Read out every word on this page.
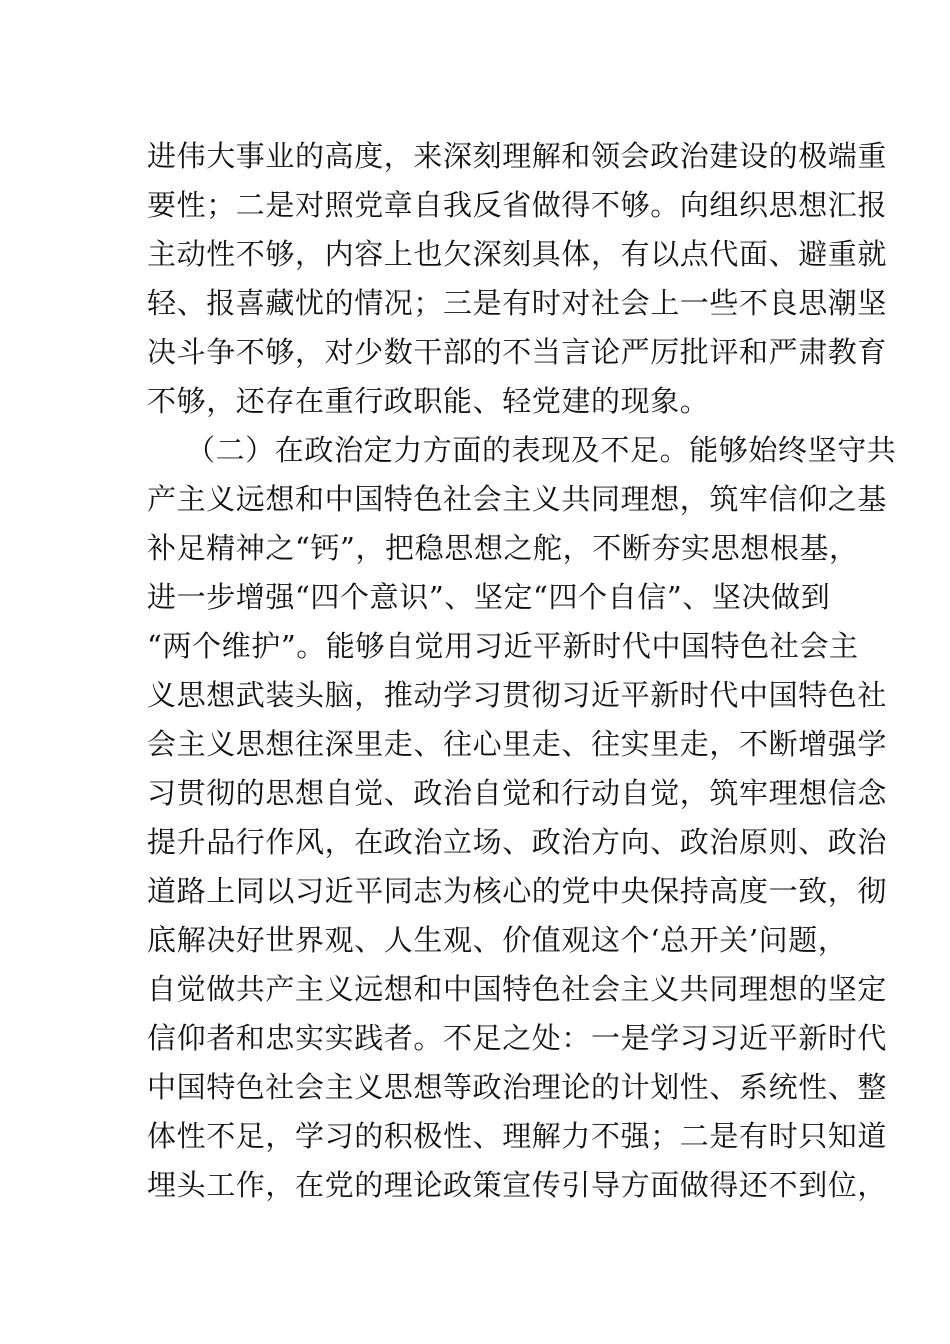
进伟大事业的高度，来深刻理解和领会政治建设的极端重
要性；二是对照党章自我反省做得不够。向组织思想汇报
主动性不够，内容上也欠深刻具体，有以点代面、避重就
轻、报喜藏忧的情况；三是有时对社会上一些不良思潮坚
决斗争不够，对少数干部的不当言论严厉批评和严肃教育
不够，还存在重行政职能、轻党建的现象。
（二）在政治定力方面的表现及不足。能够始终坚守共
产主义远想和中国特色社会主义共同理想，筑牢信仰之基
补足精神之“钙”，把稳思想之舵，不断夯实思想根基，
进一步增强“四个意识”、坚定“四个自信”、坚决做到
“两个维护”。能够自觉用习近平新时代中国特色社会主
义思想武装头脑，推动学习贯彻习近平新时代中国特色社
会主义思想往深里走、往心里走、往实里走，不断增强学
习贯彻的思想自觉、政治自觉和行动自觉，筑牢理想信念
提升品行作风，在政治立场、政治方向、政治原则、政治
道路上同以习近平同志为核心的党中央保持高度一致，彻
底解决好世界观、人生观、价值观这个‘总开关’问题，
自觉做共产主义远想和中国特色社会主义共同理想的坚定
信仰者和忠实实践者。不足之处：一是学习习近平新时代
中国特色社会主义思想等政治理论的计划性、系统性、整
体性不足，学习的积极性、理解力不强；二是有时只知道
埋头工作，在党的理论政策宣传引导方面做得还不到位，
